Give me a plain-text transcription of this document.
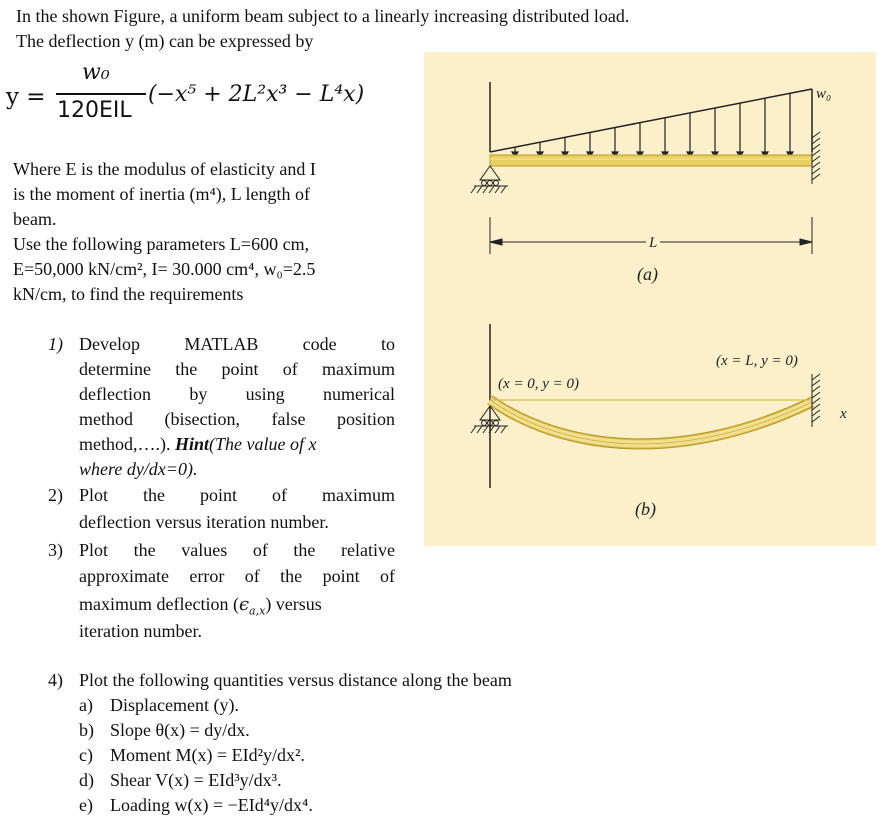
In the shown Figure, a uniform beam subject to a linearly increasing distributed load.
The deflection y (m) can be expressed by
y =
w₀
120EIL
(−x⁵ + 2L²x³ − L⁴x)
Where E is the modulus of elasticity and I
is the moment of inertia (m⁴), L length of
beam.
Use the following parameters L=600 cm,
E=50,000 kN/cm², I= 30.000 cm⁴, w₀=2.5
kN/cm, to find the requirements
1) Develop MATLAB code to
determine the point of maximum
deflection by using numerical
method (bisection, false position
method,….). Hint(The value of x
where dy/dx=0).
2) Plot the point of maximum
deflection versus iteration number.
3) Plot the values of the relative
approximate error of the point of
maximum deflection $(\epsilon_{a,x})$ versus
iteration number.
4) Plot the following quantities versus distance along the beam
a) Displacement (y).
b) Slope θ(x) = dy/dx.
c) Moment M(x) = EId²y/dx².
d) Shear V(x) = EId³y/dx³.
e) Loading w(x) = −EId⁴y/dx⁴.
w₀
L
(a)
(x = 0, y = 0)
(x = L, y = 0)
x
(b)
